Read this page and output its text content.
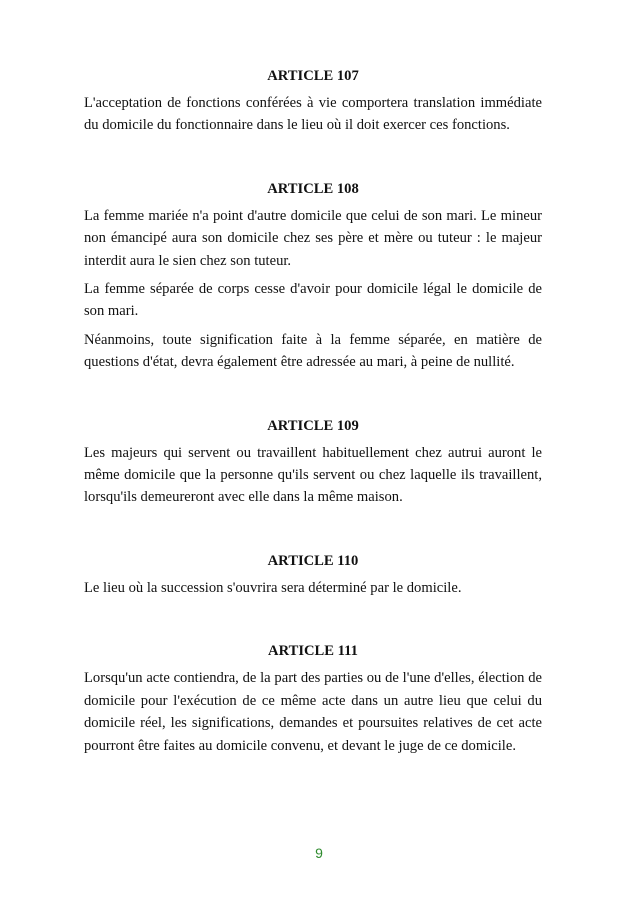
ARTICLE 107

L'acceptation de fonctions conférées à vie comportera translation immédiate du domicile du fonctionnaire dans le lieu où il doit exercer ces fonctions.

ARTICLE 108

La femme mariée n'a point d'autre domicile que celui de son mari. Le mineur non émancipé aura son domicile chez ses père et mère ou tuteur : le majeur interdit aura le sien chez son tuteur.

La femme séparée de corps cesse d'avoir pour domicile légal le domicile de son mari.

Néanmoins, toute signification faite à la femme séparée, en matière de questions d'état, devra également être adressée au mari, à peine de nullité.

ARTICLE 109

Les majeurs qui servent ou travaillent habituellement chez autrui auront le même domicile que la personne qu'ils servent ou chez laquelle ils travaillent, lorsqu'ils demeureront avec elle dans la même maison.

ARTICLE 110

Le lieu où la succession s'ouvrira sera déterminé par le domicile.

ARTICLE 111

Lorsqu'un acte contiendra, de la part des parties ou de l'une d'elles, élection de domicile pour l'exécution de ce même acte dans un autre lieu que celui du domicile réel, les significations, demandes et poursuites relatives de cet acte pourront être faites au domicile convenu, et devant le juge de ce domicile.

9
